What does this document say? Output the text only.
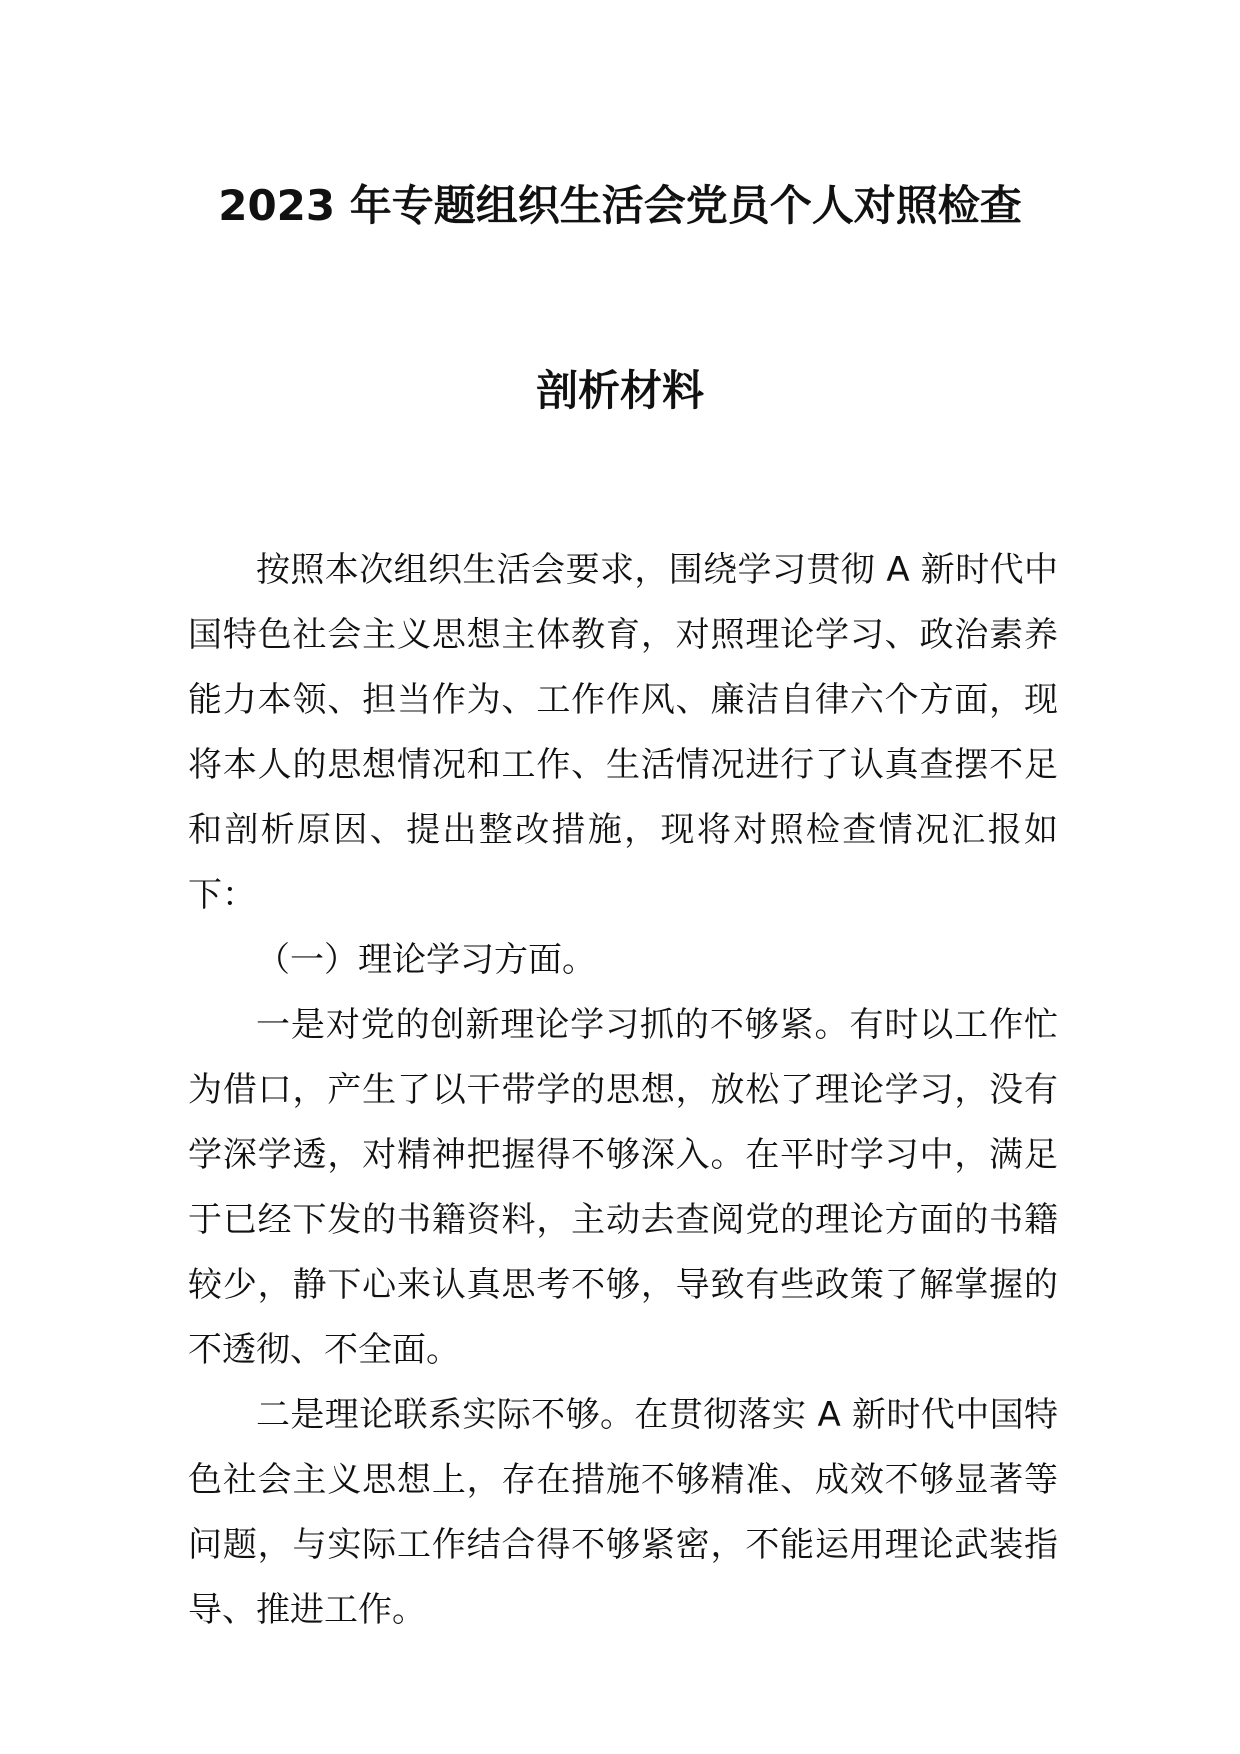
2023 年专题组织生活会党员个人对照检查
剖析材料

按照本次组织生活会要求，围绕学习贯彻 A 新时代中国特色社会主义思想主体教育，对照理论学习、政治素养能力本领、担当作为、工作作风、廉洁自律六个方面，现将本人的思想情况和工作、生活情况进行了认真查摆不足和剖析原因、提出整改措施，现将对照检查情况汇报如下：

（一）理论学习方面。

一是对党的创新理论学习抓的不够紧。有时以工作忙为借口，产生了以干带学的思想，放松了理论学习，没有学深学透，对精神把握得不够深入。在平时学习中，满足于已经下发的书籍资料，主动去查阅党的理论方面的书籍较少，静下心来认真思考不够，导致有些政策了解掌握的不透彻、不全面。

二是理论联系实际不够。在贯彻落实 A 新时代中国特色社会主义思想上，存在措施不够精准、成效不够显著等问题，与实际工作结合得不够紧密，不能运用理论武装指导、推进工作。
